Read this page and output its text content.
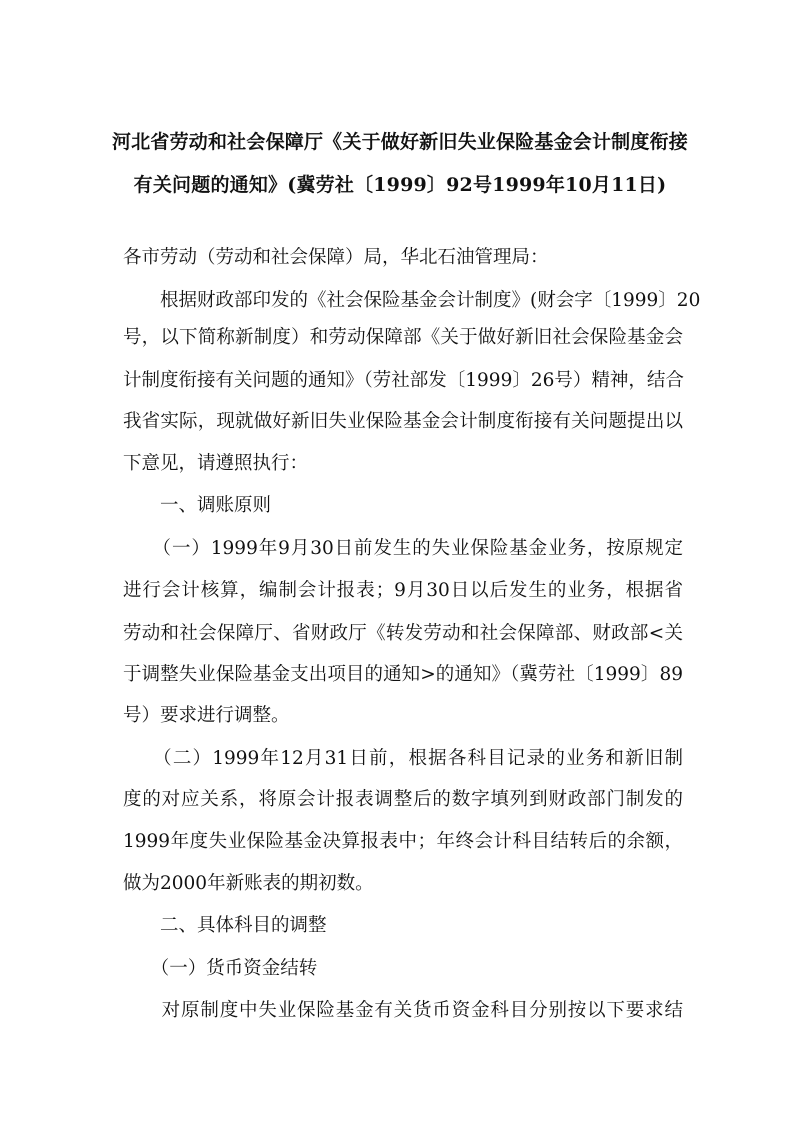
河北省劳动和社会保障厅《关于做好新旧失业保险基金会计制度衔接
有关问题的通知》(冀劳社〔1999〕92号1999年10月11日)
各市劳动（劳动和社会保障）局，华北石油管理局：
　　根据财政部印发的《社会保险基金会计制度》(财会字〔1999〕20
号，以下简称新制度）和劳动保障部《关于做好新旧社会保险基金会
计制度衔接有关问题的通知》（劳社部发〔1999〕26号）精神，结合
我省实际，现就做好新旧失业保险基金会计制度衔接有关问题提出以
下意见，请遵照执行：
　　一、调账原则
　　（一）1999年9月30日前发生的失业保险基金业务，按原规定
进行会计核算，编制会计报表；9月30日以后发生的业务，根据省
劳动和社会保障厅、省财政厅《转发劳动和社会保障部、财政部<关
于调整失业保险基金支出项目的通知>的通知》（冀劳社〔1999〕89
号）要求进行调整。
　　（二）1999年12月31日前，根据各科目记录的业务和新旧制
度的对应关系，将原会计报表调整后的数字填列到财政部门制发的
1999年度失业保险基金决算报表中；年终会计科目结转后的余额，
做为2000年新账表的期初数。
　　二、具体科目的调整
　　（一）货币资金结转
　　对原制度中失业保险基金有关货币资金科目分别按以下要求结
